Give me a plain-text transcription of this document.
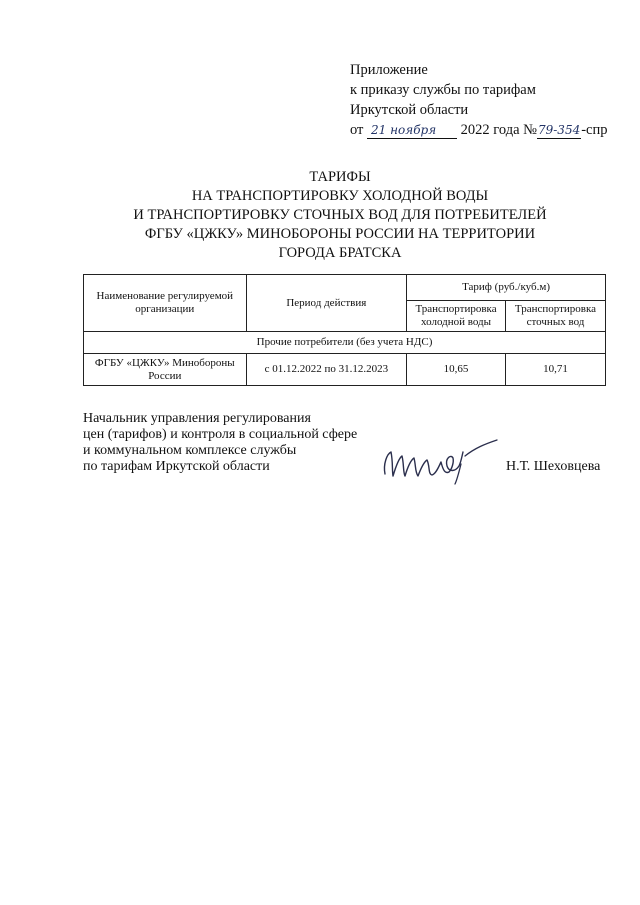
Приложение
к приказу службы по тарифам
Иркутской области
от 21 ноября 2022 года №79-354-спр
ТАРИФЫ
НА ТРАНСПОРТИРОВКУ ХОЛОДНОЙ ВОДЫ
И ТРАНСПОРТИРОВКУ СТОЧНЫХ ВОД ДЛЯ ПОТРЕБИТЕЛЕЙ
ФГБУ «ЦЖКУ» МИНОБОРОНЫ РОССИИ НА ТЕРРИТОРИИ
ГОРОДА БРАТСКА
Наименование регулируемой организации	Период действия	Тариф (руб./куб.м)	
		Транспортировка холодной воды	Транспортировка сточных вод
Прочие потребители (без учета НДС)			
ФГБУ «ЦЖКУ» Минобороны России	с 01.12.2022 по 31.12.2023	10,65	10,71
Начальник управления регулирования
цен (тарифов) и контроля в социальной сфере
и коммунальном комплексе службы
по тарифам Иркутской области	Н.Т. Шеховцева
